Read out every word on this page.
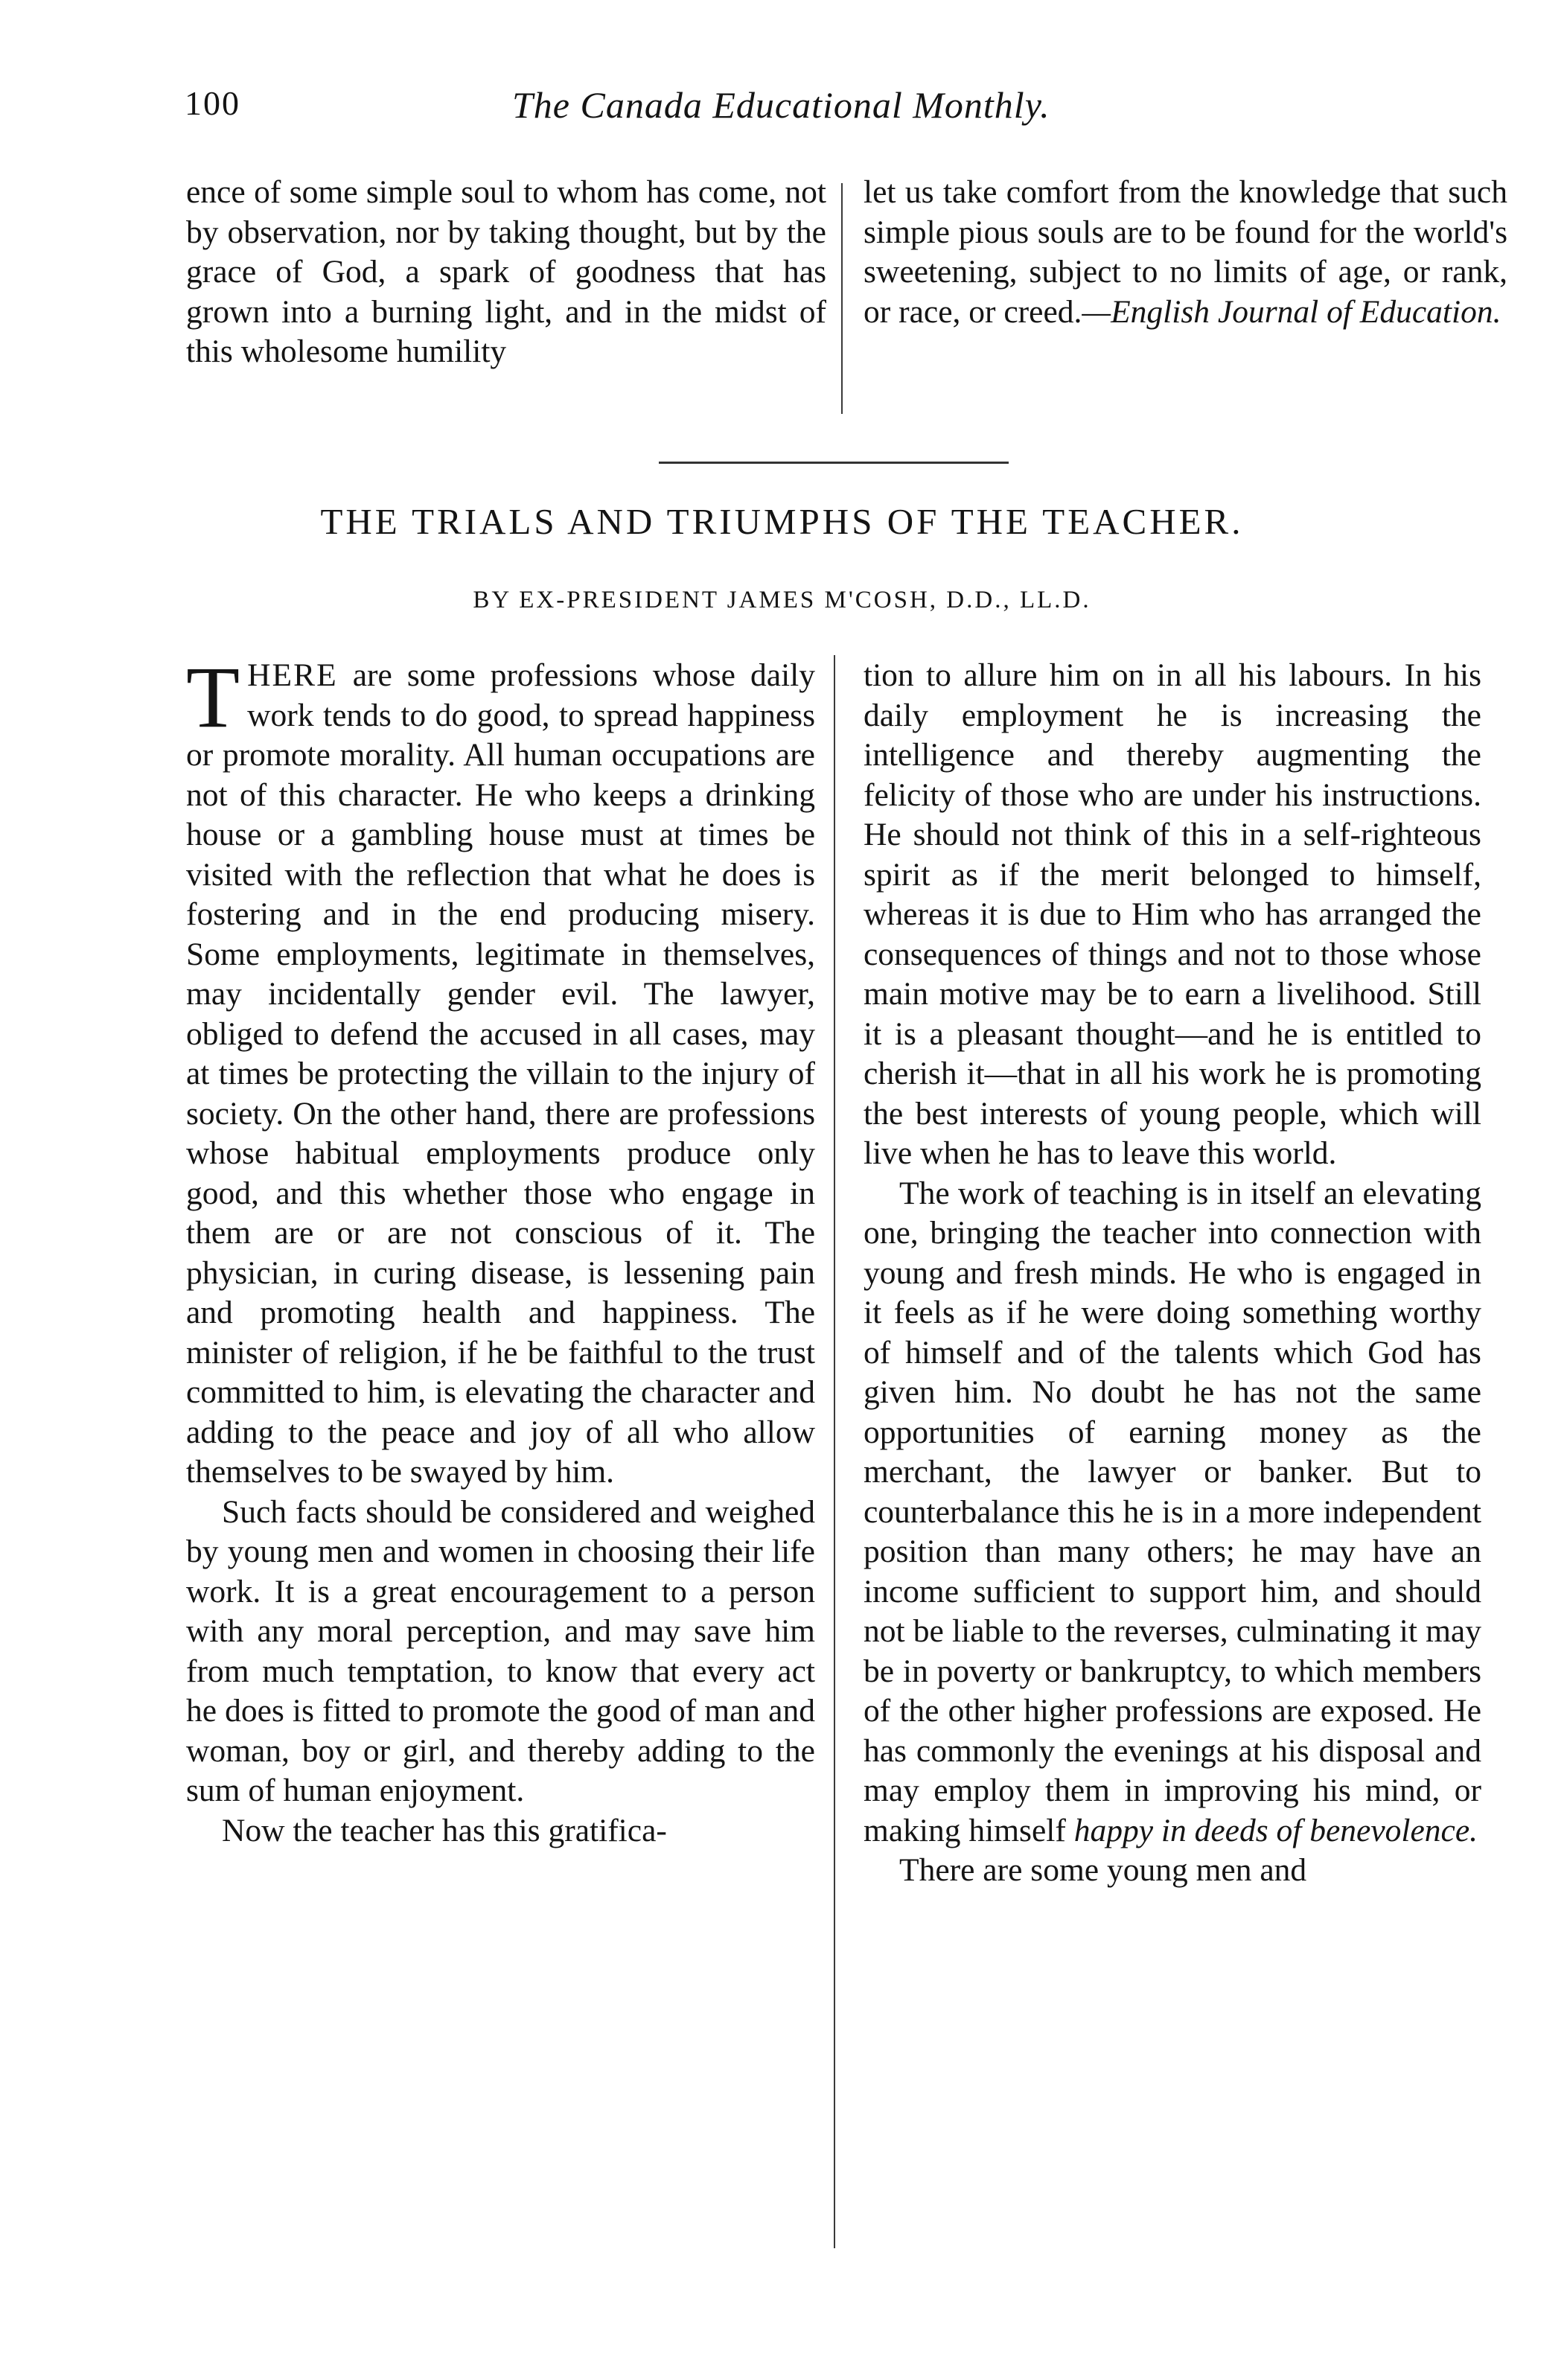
100	The Canada Educational Monthly.

ence of some simple soul to whom has come, not by observation, nor by taking thought, but by the grace of God, a spark of goodness that has grown into a burning light, and in the midst of this wholesome humility

let us take comfort from the knowledge that such simple pious souls are to be found for the world's sweetening, subject to no limits of age, or rank, or race, or creed.—English Journal of Education.

THE TRIALS AND TRIUMPHS OF THE TEACHER.

BY EX-PRESIDENT JAMES M'COSH, D.D., LL.D.

THERE are some professions whose daily work tends to do good, to spread happiness or promote morality. All human occupations are not of this character. He who keeps a drinking house or a gambling house must at times be visited with the reflection that what he does is fostering and in the end producing misery. Some employments, legitimate in themselves, may incidentally gender evil. The lawyer, obliged to defend the accused in all cases, may at times be protecting the villain to the injury of society. On the other hand, there are professions whose habitual employments produce only good, and this whether those who engage in them are or are not conscious of it. The physician, in curing disease, is lessening pain and promoting health and happiness. The minister of religion, if he be faithful to the trust committed to him, is elevating the character and adding to the peace and joy of all who allow themselves to be swayed by him.

Such facts should be considered and weighed by young men and women in choosing their life work. It is a great encouragement to a person with any moral perception, and may save him from much temptation, to know that every act he does is fitted to promote the good of man and woman, boy or girl, and thereby adding to the sum of human enjoyment.

Now the teacher has this gratifica-

tion to allure him on in all his labours. In his daily employment he is increasing the intelligence and thereby augmenting the felicity of those who are under his instructions. He should not think of this in a self-righteous spirit as if the merit belonged to himself, whereas it is due to Him who has arranged the consequences of things and not to those whose main motive may be to earn a livelihood. Still it is a pleasant thought—and he is entitled to cherish it—that in all his work he is promoting the best interests of young people, which will live when he has to leave this world.

The work of teaching is in itself an elevating one, bringing the teacher into connection with young and fresh minds. He who is engaged in it feels as if he were doing something worthy of himself and of the talents which God has given him. No doubt he has not the same opportunities of earning money as the merchant, the lawyer or banker. But to counterbalance this he is in a more independent position than many others; he may have an income sufficient to support him, and should not be liable to the reverses, culminating it may be in poverty or bankruptcy, to which members of the other higher professions are exposed. He has commonly the evenings at his disposal and may employ them in improving his mind, or making himself happy in deeds of benevolence.

There are some young men and
